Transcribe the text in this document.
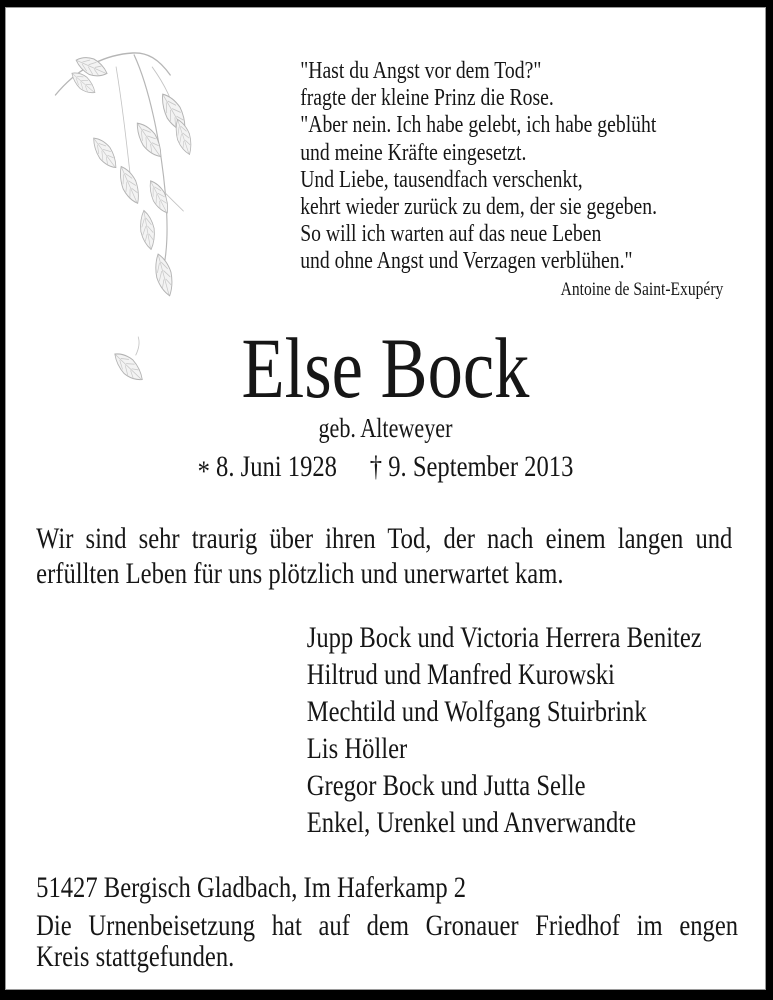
"Hast du Angst vor dem Tod?"
fragte der kleine Prinz die Rose.
"Aber nein. Ich habe gelebt, ich habe geblüht
und meine Kräfte eingesetzt.
Und Liebe, tausendfach verschenkt,
kehrt wieder zurück zu dem, der sie gegeben.
So will ich warten auf das neue Leben
und ohne Angst und Verzagen verblühen."
Antoine de Saint-Exupéry
Else Bock
geb. Alteweyer
* 8. Juni 1928 † 9. September 2013
Wir sind sehr traurig über ihren Tod, der nach einem langen und
erfüllten Leben für uns plötzlich und unerwartet kam.
Jupp Bock und Victoria Herrera Benitez
Hiltrud und Manfred Kurowski
Mechtild und Wolfgang Stuirbrink
Lis Höller
Gregor Bock und Jutta Selle
Enkel, Urenkel und Anverwandte
51427 Bergisch Gladbach, Im Haferkamp 2
Die Urnenbeisetzung hat auf dem Gronauer Friedhof im engen
Kreis stattgefunden.
